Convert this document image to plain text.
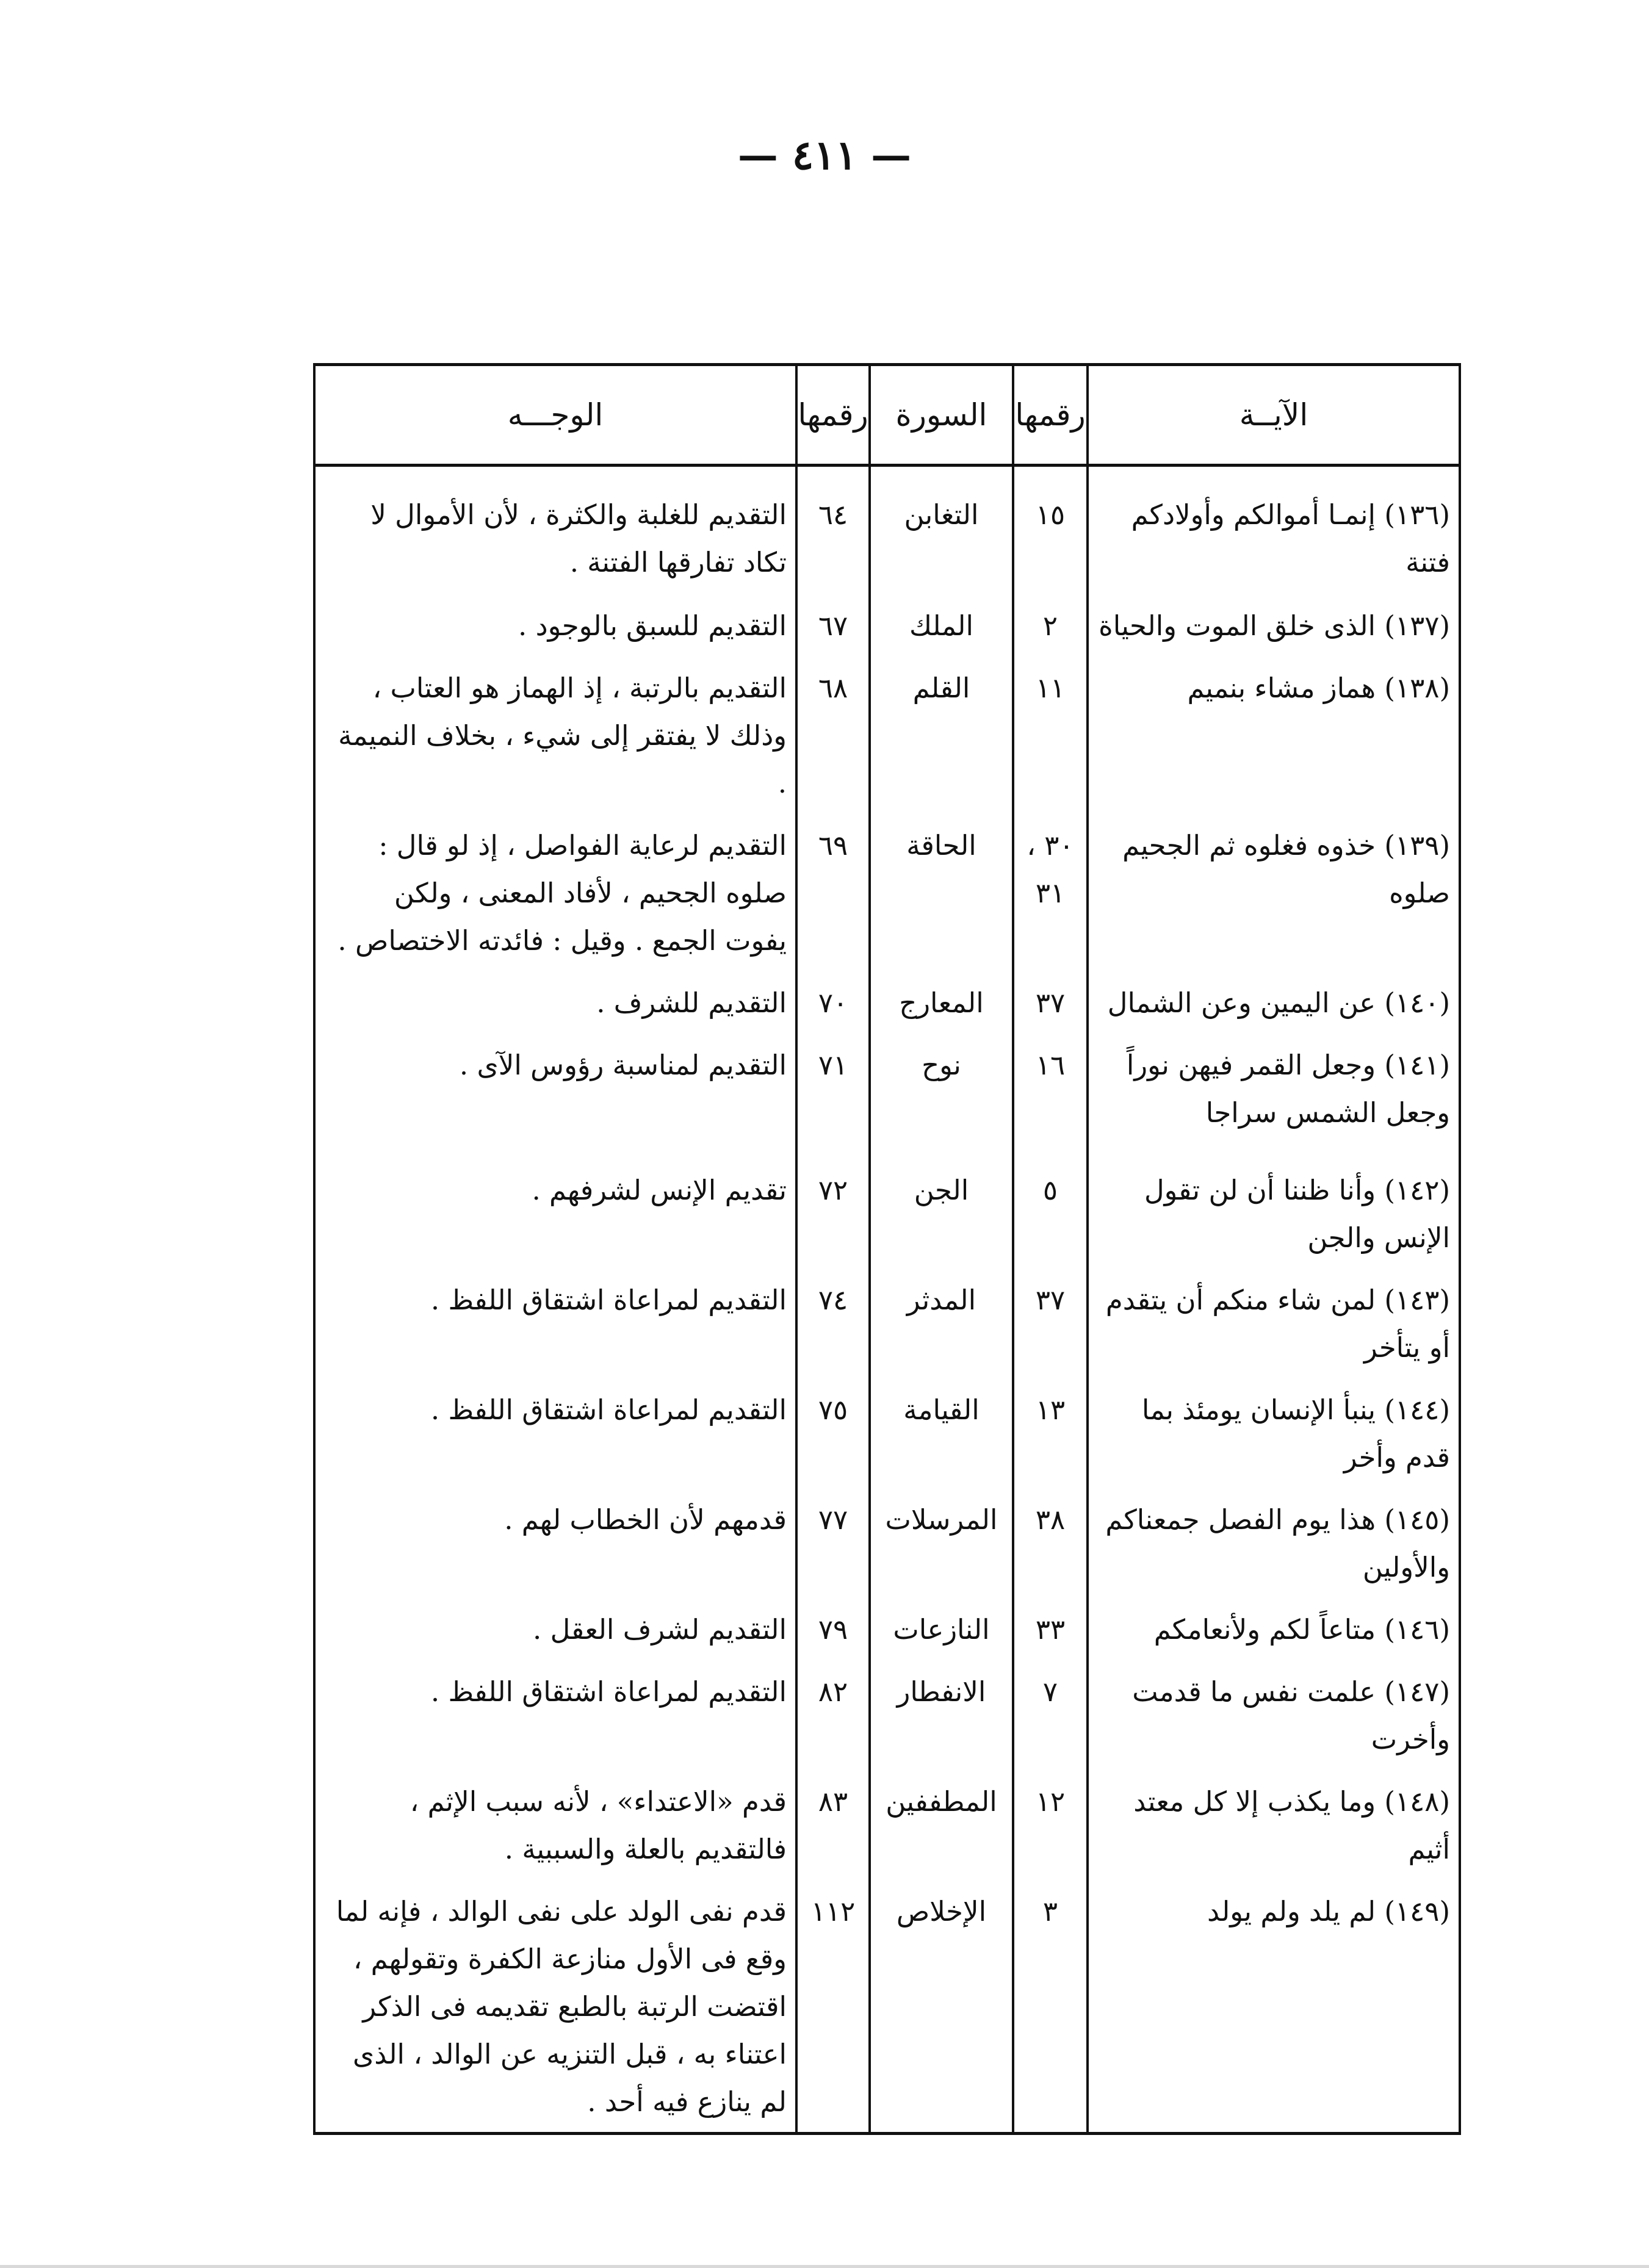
— ٤١١ —
الآيــة	رقمها	السورة	رقمها	الوجـــه
(١٣٦) إنمـا أموالكم وأولادكم فتنة	١٥	التغابن	٦٤	التقديم للغلبة والكثرة ، لأن الأموال لا تكاد تفارقها الفتنة .
(١٣٧) الذى خلق الموت والحياة	٢	الملك	٦٧	التقديم للسبق بالوجود .
(١٣٨) هماز مشاء بنميم	١١	القلم	٦٨	التقديم بالرتبة ، إذ الهماز هو العتاب ، وذلك لا يفتقر إلى شيء ، بخلاف النميمة .
(١٣٩) خذوه فغلوه ثم الجحيم صلوه	٣٠ ، ٣١	الحاقة	٦٩	التقديم لرعاية الفواصل ، إذ لو قال : صلوه الجحيم ، لأفاد المعنى ، ولكن يفوت الجمع . وقيل : فائدته الاختصاص .
(١٤٠) عن اليمين وعن الشمال	٣٧	المعارج	٧٠	التقديم للشرف .
(١٤١) وجعل القمر فيهن نوراً وجعل الشمس سراجا	١٦	نوح	٧١	التقديم لمناسبة رؤوس الآى .
(١٤٢) وأنا ظننا أن لن تقول الإنس والجن	٥	الجن	٧٢	تقديم الإنس لشرفهم .
(١٤٣) لمن شاء منكم أن يتقدم أو يتأخر	٣٧	المدثر	٧٤	التقديم لمراعاة اشتقاق اللفظ .
(١٤٤) ينبأ الإنسان يومئذ بما قدم وأخر	١٣	القيامة	٧٥	التقديم لمراعاة اشتقاق اللفظ .
(١٤٥) هذا يوم الفصل جمعناكم والأولين	٣٨	المرسلات	٧٧	قدمهم لأن الخطاب لهم .
(١٤٦) متاعاً لكم ولأنعامكم	٣٣	النازعات	٧٩	التقديم لشرف العقل .
(١٤٧) علمت نفس ما قدمت وأخرت	٧	الانفطار	٨٢	التقديم لمراعاة اشتقاق اللفظ .
(١٤٨) وما يكذب إلا كل معتد أثيم	١٢	المطففين	٨٣	قدم «الاعتداء» ، لأنه سبب الإثم ، فالتقديم بالعلة والسببية .
(١٤٩) لم يلد ولم يولد	٣	الإخلاص	١١٢	قدم نفى الولد على نفى الوالد ، فإنه لما وقع فى الأول منازعة الكفرة وتقولهم ، اقتضت الرتبة بالطبع تقديمه فى الذكر اعتناء به ، قبل التنزيه عن الوالد ، الذى لم ينازع فيه أحد .
